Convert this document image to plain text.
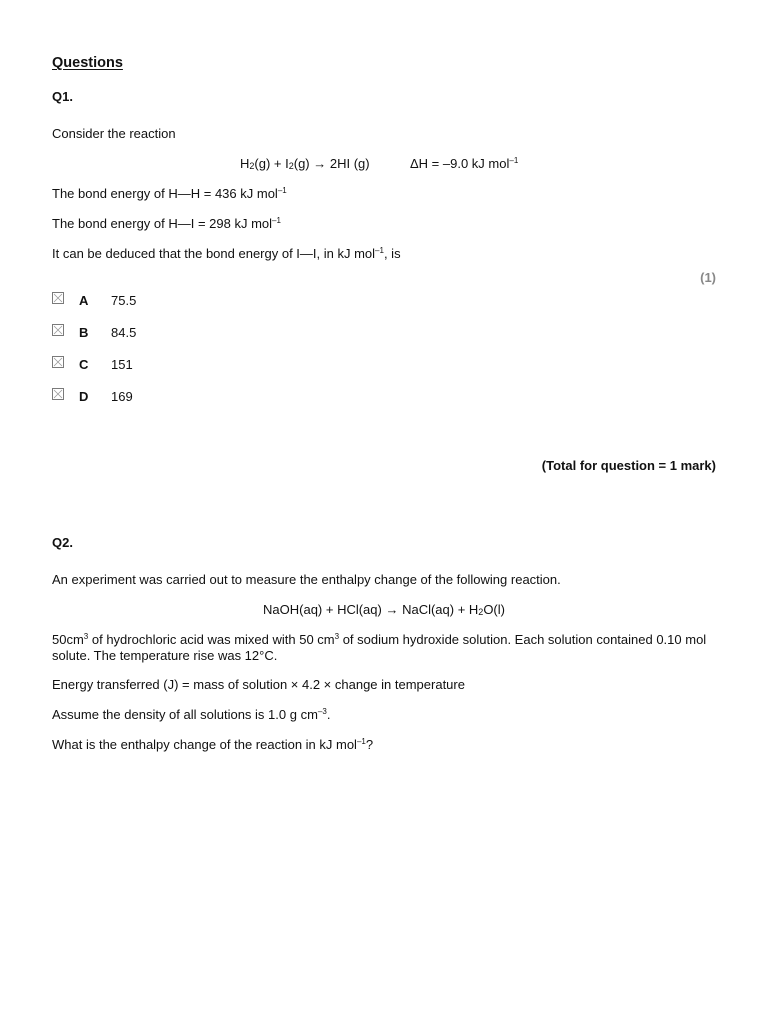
Questions
Q1.
Consider the reaction
$H_2(g) + I_2(g) \to 2HI$ (g)	ΔH = –9.0 kJ mol$^{-1}$
The bond energy of H—H = 436 kJ mol$^{-1}$
The bond energy of H—I = 298 kJ mol$^{-1}$
It can be deduced that the bond energy of I—I, in kJ mol$^{-1}$, is
(1)
A 75.5
B 84.5
C 151
D 169
(Total for question = 1 mark)
Q2.
An experiment was carried out to measure the enthalpy change of the following reaction.
NaOH(aq) + HCl(aq) → NaCl(aq) + $H_2O(l)$
$50cm^3$ of hydrochloric acid was mixed with 50 $cm^3$ of sodium hydroxide solution. Each solution contained 0.10 mol solute. The temperature rise was 12°C.
Energy transferred (J) = mass of solution × 4.2 × change in temperature
Assume the density of all solutions is 1.0 g $cm^{-3}$.
What is the enthalpy change of the reaction in kJ mol$^{-1}$?
